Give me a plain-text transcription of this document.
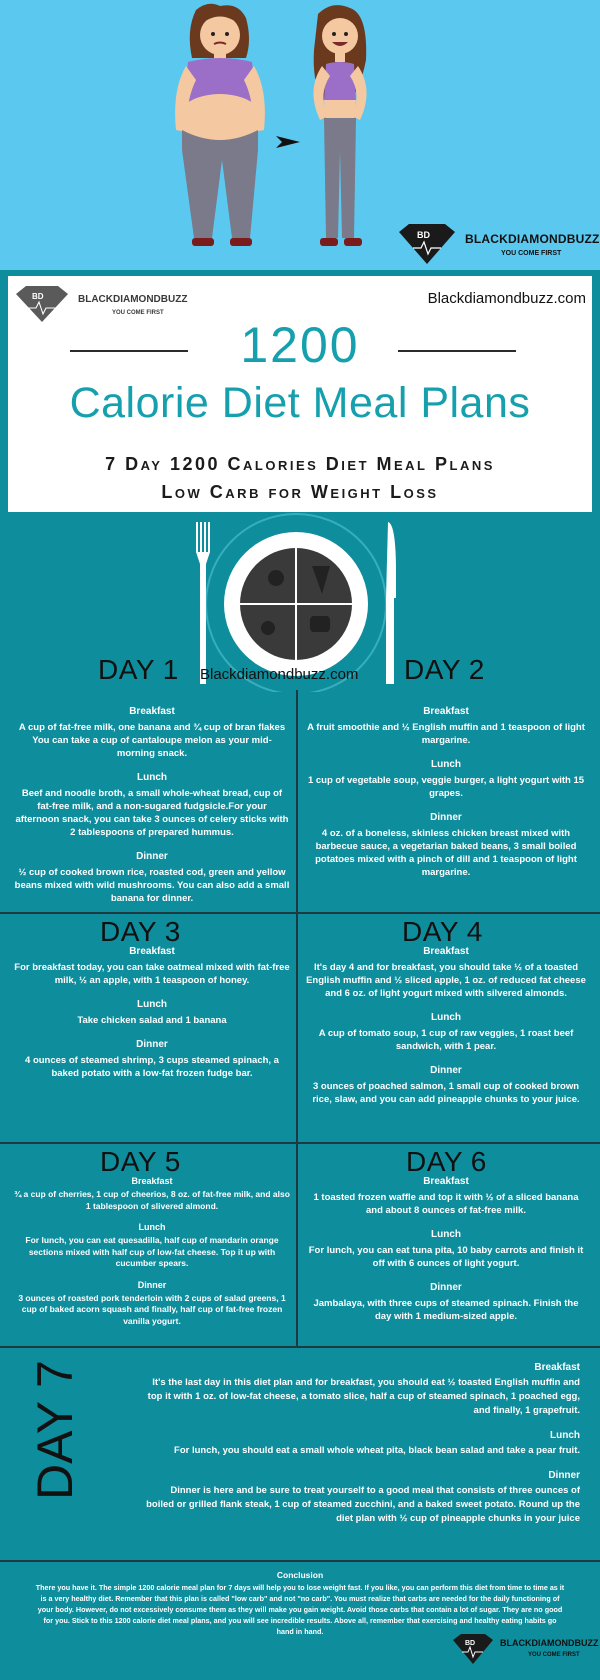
BD	BLACKDIAMONDBUZZ
YOU COME FIRST
BD	BLACKDIAMONDBUZZ
YOU COME FIRST
Blackdiamondbuzz.com
1200
Calorie Diet Meal Plans
7 Day 1200 Calories Diet Meal Plans
Low Carb for Weight Loss
Blackdiamondbuzz.com
DAY 1
Breakfast
A cup of fat-free milk, one banana and ¾ cup of bran flakes You can take a cup of cantaloupe melon as your mid-morning snack.
Lunch
Beef and noodle broth, a small whole-wheat bread, cup of fat-free milk, and a non-sugared fudgsicle.For your afternoon snack, you can take 3 ounces of celery sticks with 2 tablespoons of prepared hummus.
Dinner
½ cup of cooked brown rice, roasted cod, green and yellow beans mixed with wild mushrooms. You can also add a small banana for dinner.
DAY 2
Breakfast
A fruit smoothie and ½ English muffin and 1 teaspoon of light margarine.
Lunch
1 cup of vegetable soup, veggie burger, a light yogurt with 15 grapes.
Dinner
4 oz. of a boneless, skinless chicken breast mixed with barbecue sauce, a vegetarian baked beans, 3 small boiled potatoes mixed with a pinch of dill and 1 teaspoon of light margarine.
DAY 3
Breakfast
For breakfast today, you can take oatmeal mixed with fat-free milk, ½ an apple, with 1 teaspoon of honey.
Lunch
Take chicken salad and 1 banana
Dinner
4 ounces of steamed shrimp, 3 cups steamed spinach, a baked potato with a low-fat frozen fudge bar.
DAY 4
Breakfast
It's day 4 and for breakfast, you should take ½ of a toasted English muffin and ½ sliced apple, 1 oz. of reduced fat cheese and 6 oz. of light yogurt mixed with silvered almonds.
Lunch
A cup of tomato soup, 1 cup of raw veggies, 1 roast beef sandwich, with 1 pear.
Dinner
3 ounces of poached salmon, 1 small cup of cooked brown rice, slaw, and you can add pineapple chunks to your juice.
DAY 5
Breakfast
¾ a cup of cherries, 1 cup of cheerios, 8 oz. of fat-free milk, and also 1 tablespoon of slivered almond.
Lunch
For lunch, you can eat quesadilla, half cup of mandarin orange sections mixed with half cup of low-fat cheese. Top it up with cucumber spears.
Dinner
3 ounces of roasted pork tenderloin with 2 cups of salad greens, 1 cup of baked acorn squash and finally, half cup of fat-free frozen vanilla yogurt.
DAY 6
Breakfast
1 toasted frozen waffle and top it with ½ of a sliced banana and about 8 ounces of fat-free milk.
Lunch
For lunch, you can eat tuna pita, 10 baby carrots and finish it off with 6 ounces of light yogurt.
Dinner
Jambalaya, with three cups of steamed spinach. Finish the day with 1 medium-sized apple.
DAY 7	Breakfast
It's the last day in this diet plan and for breakfast, you should eat ½ toasted English muffin and top it with 1 oz. of low-fat cheese, a tomato slice, half a cup of steamed spinach, 1 poached egg, and finally, 1 grapefruit.
Lunch
For lunch, you should eat a small whole wheat pita, black bean salad and take a pear fruit.
Dinner
Dinner is here and be sure to treat yourself to a good meal that consists of three ounces of boiled or grilled flank steak, 1 cup of steamed zucchini, and a baked sweet potato. Round up the diet plan with ½ cup of pineapple chunks in your juice
Conclusion
There you have it. The simple 1200 calorie meal plan for 7 days will help you to lose weight fast. If you like, you can perform this diet from time to time as it is a very healthy diet. Remember that this plan is called "low carb" and not "no carb". You must realize that carbs are needed for the daily functioning of your body. However, do not excessively consume them as they will make you gain weight. Avoid those carbs that contain a lot of sugar. They are no good for you. Stick to this 1200 calorie diet meal plans, and you will see incredible results. Above all, remember that exercising and healthy eating habits go hand in hand.
BD	BLACKDIAMONDBUZZ
YOU COME FIRST
